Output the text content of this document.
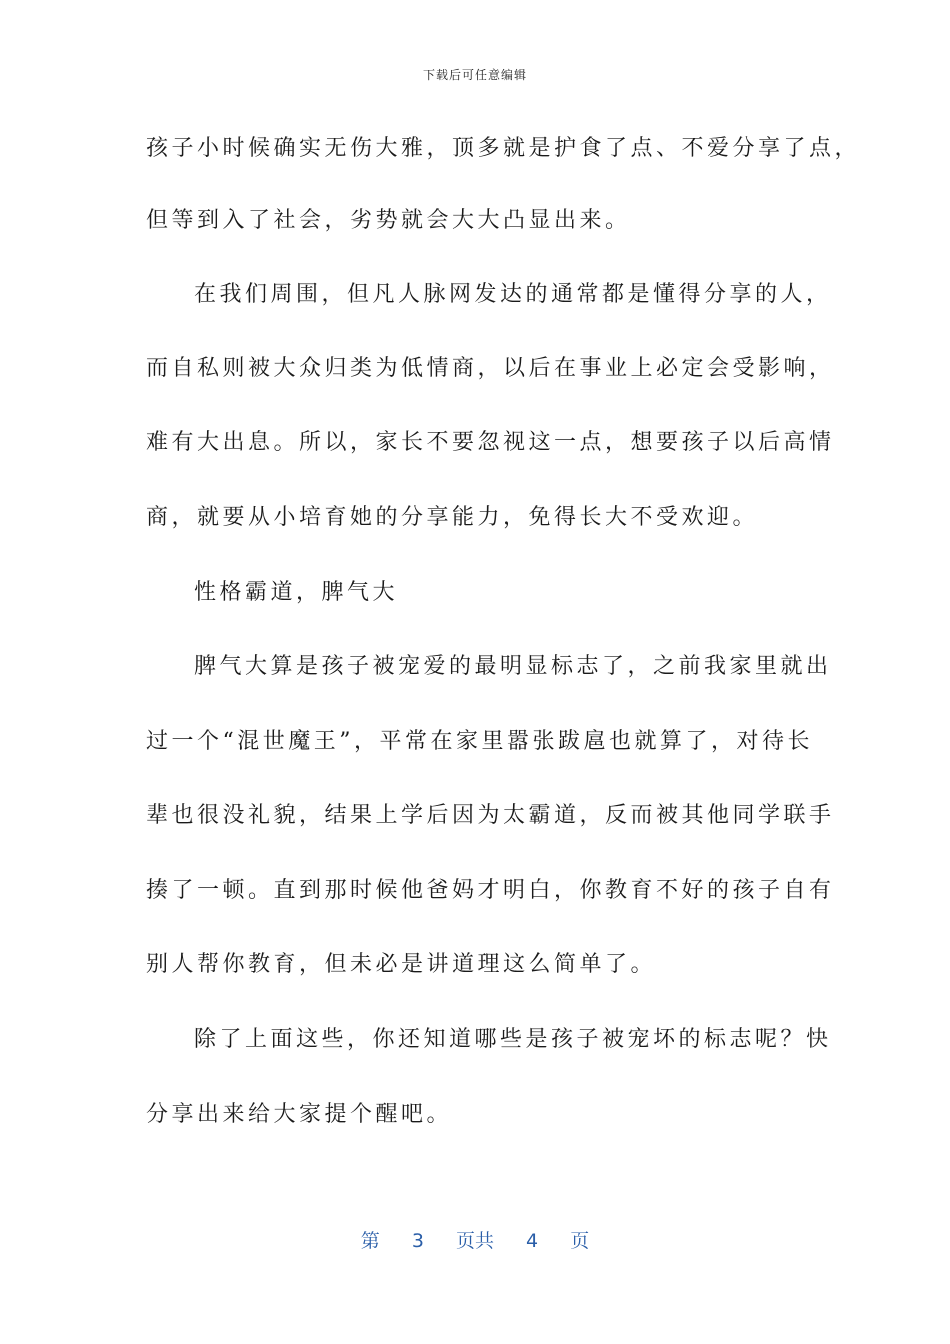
下载后可任意编辑
孩子小时候确实无伤大雅，顶多就是护食了点、不爱分享了点，
但等到入了社会，劣势就会大大凸显出来。
在我们周围，但凡人脉网发达的通常都是懂得分享的人，
而自私则被大众归类为低情商，以后在事业上必定会受影响，
难有大出息。所以，家长不要忽视这一点，想要孩子以后高情
商，就要从小培育她的分享能力，免得长大不受欢迎。
性格霸道，脾气大
脾气大算是孩子被宠爱的最明显标志了，之前我家里就出
过一个“混世魔王”，平常在家里嚣张跋扈也就算了，对待长
辈也很没礼貌，结果上学后因为太霸道，反而被其他同学联手
揍了一顿。直到那时候他爸妈才明白，你教育不好的孩子自有
别人帮你教育，但未必是讲道理这么简单了。
除了上面这些，你还知道哪些是孩子被宠坏的标志呢？快
分享出来给大家提个醒吧。
第 3 页共 4 页
